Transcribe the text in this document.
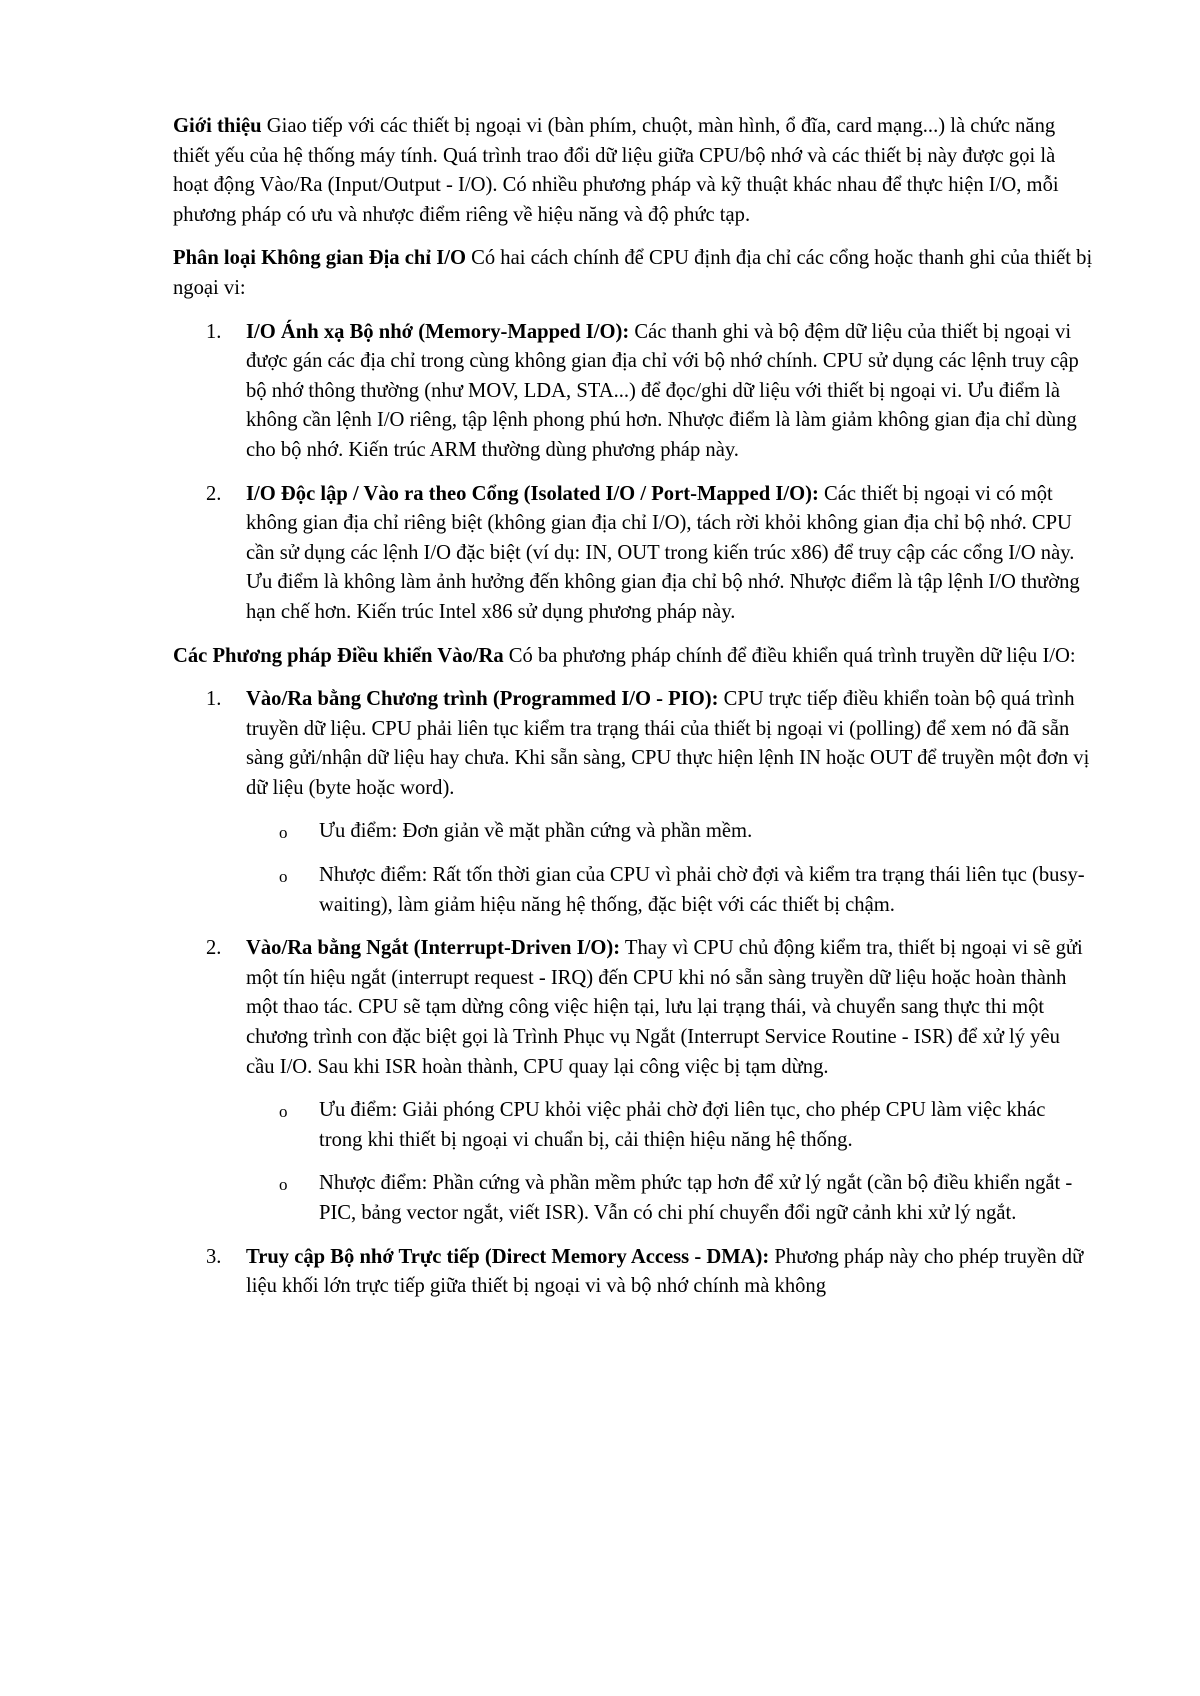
Giới thiệu Giao tiếp với các thiết bị ngoại vi (bàn phím, chuột, màn hình, ổ đĩa, card mạng...) là chức năng thiết yếu của hệ thống máy tính. Quá trình trao đổi dữ liệu giữa CPU/bộ nhớ và các thiết bị này được gọi là hoạt động Vào/Ra (Input/Output - I/O). Có nhiều phương pháp và kỹ thuật khác nhau để thực hiện I/O, mỗi phương pháp có ưu và nhược điểm riêng về hiệu năng và độ phức tạp.

Phân loại Không gian Địa chỉ I/O Có hai cách chính để CPU định địa chỉ các cổng hoặc thanh ghi của thiết bị ngoại vi:

1. I/O Ánh xạ Bộ nhớ (Memory-Mapped I/O): Các thanh ghi và bộ đệm dữ liệu của thiết bị ngoại vi được gán các địa chỉ trong cùng không gian địa chỉ với bộ nhớ chính. CPU sử dụng các lệnh truy cập bộ nhớ thông thường (như MOV, LDA, STA...) để đọc/ghi dữ liệu với thiết bị ngoại vi. Ưu điểm là không cần lệnh I/O riêng, tập lệnh phong phú hơn. Nhược điểm là làm giảm không gian địa chỉ dùng cho bộ nhớ. Kiến trúc ARM thường dùng phương pháp này.
2. I/O Độc lập / Vào ra theo Cổng (Isolated I/O / Port-Mapped I/O): Các thiết bị ngoại vi có một không gian địa chỉ riêng biệt (không gian địa chỉ I/O), tách rời khỏi không gian địa chỉ bộ nhớ. CPU cần sử dụng các lệnh I/O đặc biệt (ví dụ: IN, OUT trong kiến trúc x86) để truy cập các cổng I/O này. Ưu điểm là không làm ảnh hưởng đến không gian địa chỉ bộ nhớ. Nhược điểm là tập lệnh I/O thường hạn chế hơn. Kiến trúc Intel x86 sử dụng phương pháp này.

Các Phương pháp Điều khiển Vào/Ra Có ba phương pháp chính để điều khiển quá trình truyền dữ liệu I/O:

1. Vào/Ra bằng Chương trình (Programmed I/O - PIO): CPU trực tiếp điều khiển toàn bộ quá trình truyền dữ liệu. CPU phải liên tục kiểm tra trạng thái của thiết bị ngoại vi (polling) để xem nó đã sẵn sàng gửi/nhận dữ liệu hay chưa. Khi sẵn sàng, CPU thực hiện lệnh IN hoặc OUT để truyền một đơn vị dữ liệu (byte hoặc word).
o Ưu điểm: Đơn giản về mặt phần cứng và phần mềm.
o Nhược điểm: Rất tốn thời gian của CPU vì phải chờ đợi và kiểm tra trạng thái liên tục (busy-waiting), làm giảm hiệu năng hệ thống, đặc biệt với các thiết bị chậm.
2. Vào/Ra bằng Ngắt (Interrupt-Driven I/O): Thay vì CPU chủ động kiểm tra, thiết bị ngoại vi sẽ gửi một tín hiệu ngắt (interrupt request - IRQ) đến CPU khi nó sẵn sàng truyền dữ liệu hoặc hoàn thành một thao tác. CPU sẽ tạm dừng công việc hiện tại, lưu lại trạng thái, và chuyển sang thực thi một chương trình con đặc biệt gọi là Trình Phục vụ Ngắt (Interrupt Service Routine - ISR) để xử lý yêu cầu I/O. Sau khi ISR hoàn thành, CPU quay lại công việc bị tạm dừng.
o Ưu điểm: Giải phóng CPU khỏi việc phải chờ đợi liên tục, cho phép CPU làm việc khác trong khi thiết bị ngoại vi chuẩn bị, cải thiện hiệu năng hệ thống.
o Nhược điểm: Phần cứng và phần mềm phức tạp hơn để xử lý ngắt (cần bộ điều khiển ngắt - PIC, bảng vector ngắt, viết ISR). Vẫn có chi phí chuyển đổi ngữ cảnh khi xử lý ngắt.
3. Truy cập Bộ nhớ Trực tiếp (Direct Memory Access - DMA): Phương pháp này cho phép truyền dữ liệu khối lớn trực tiếp giữa thiết bị ngoại vi và bộ nhớ chính mà không
